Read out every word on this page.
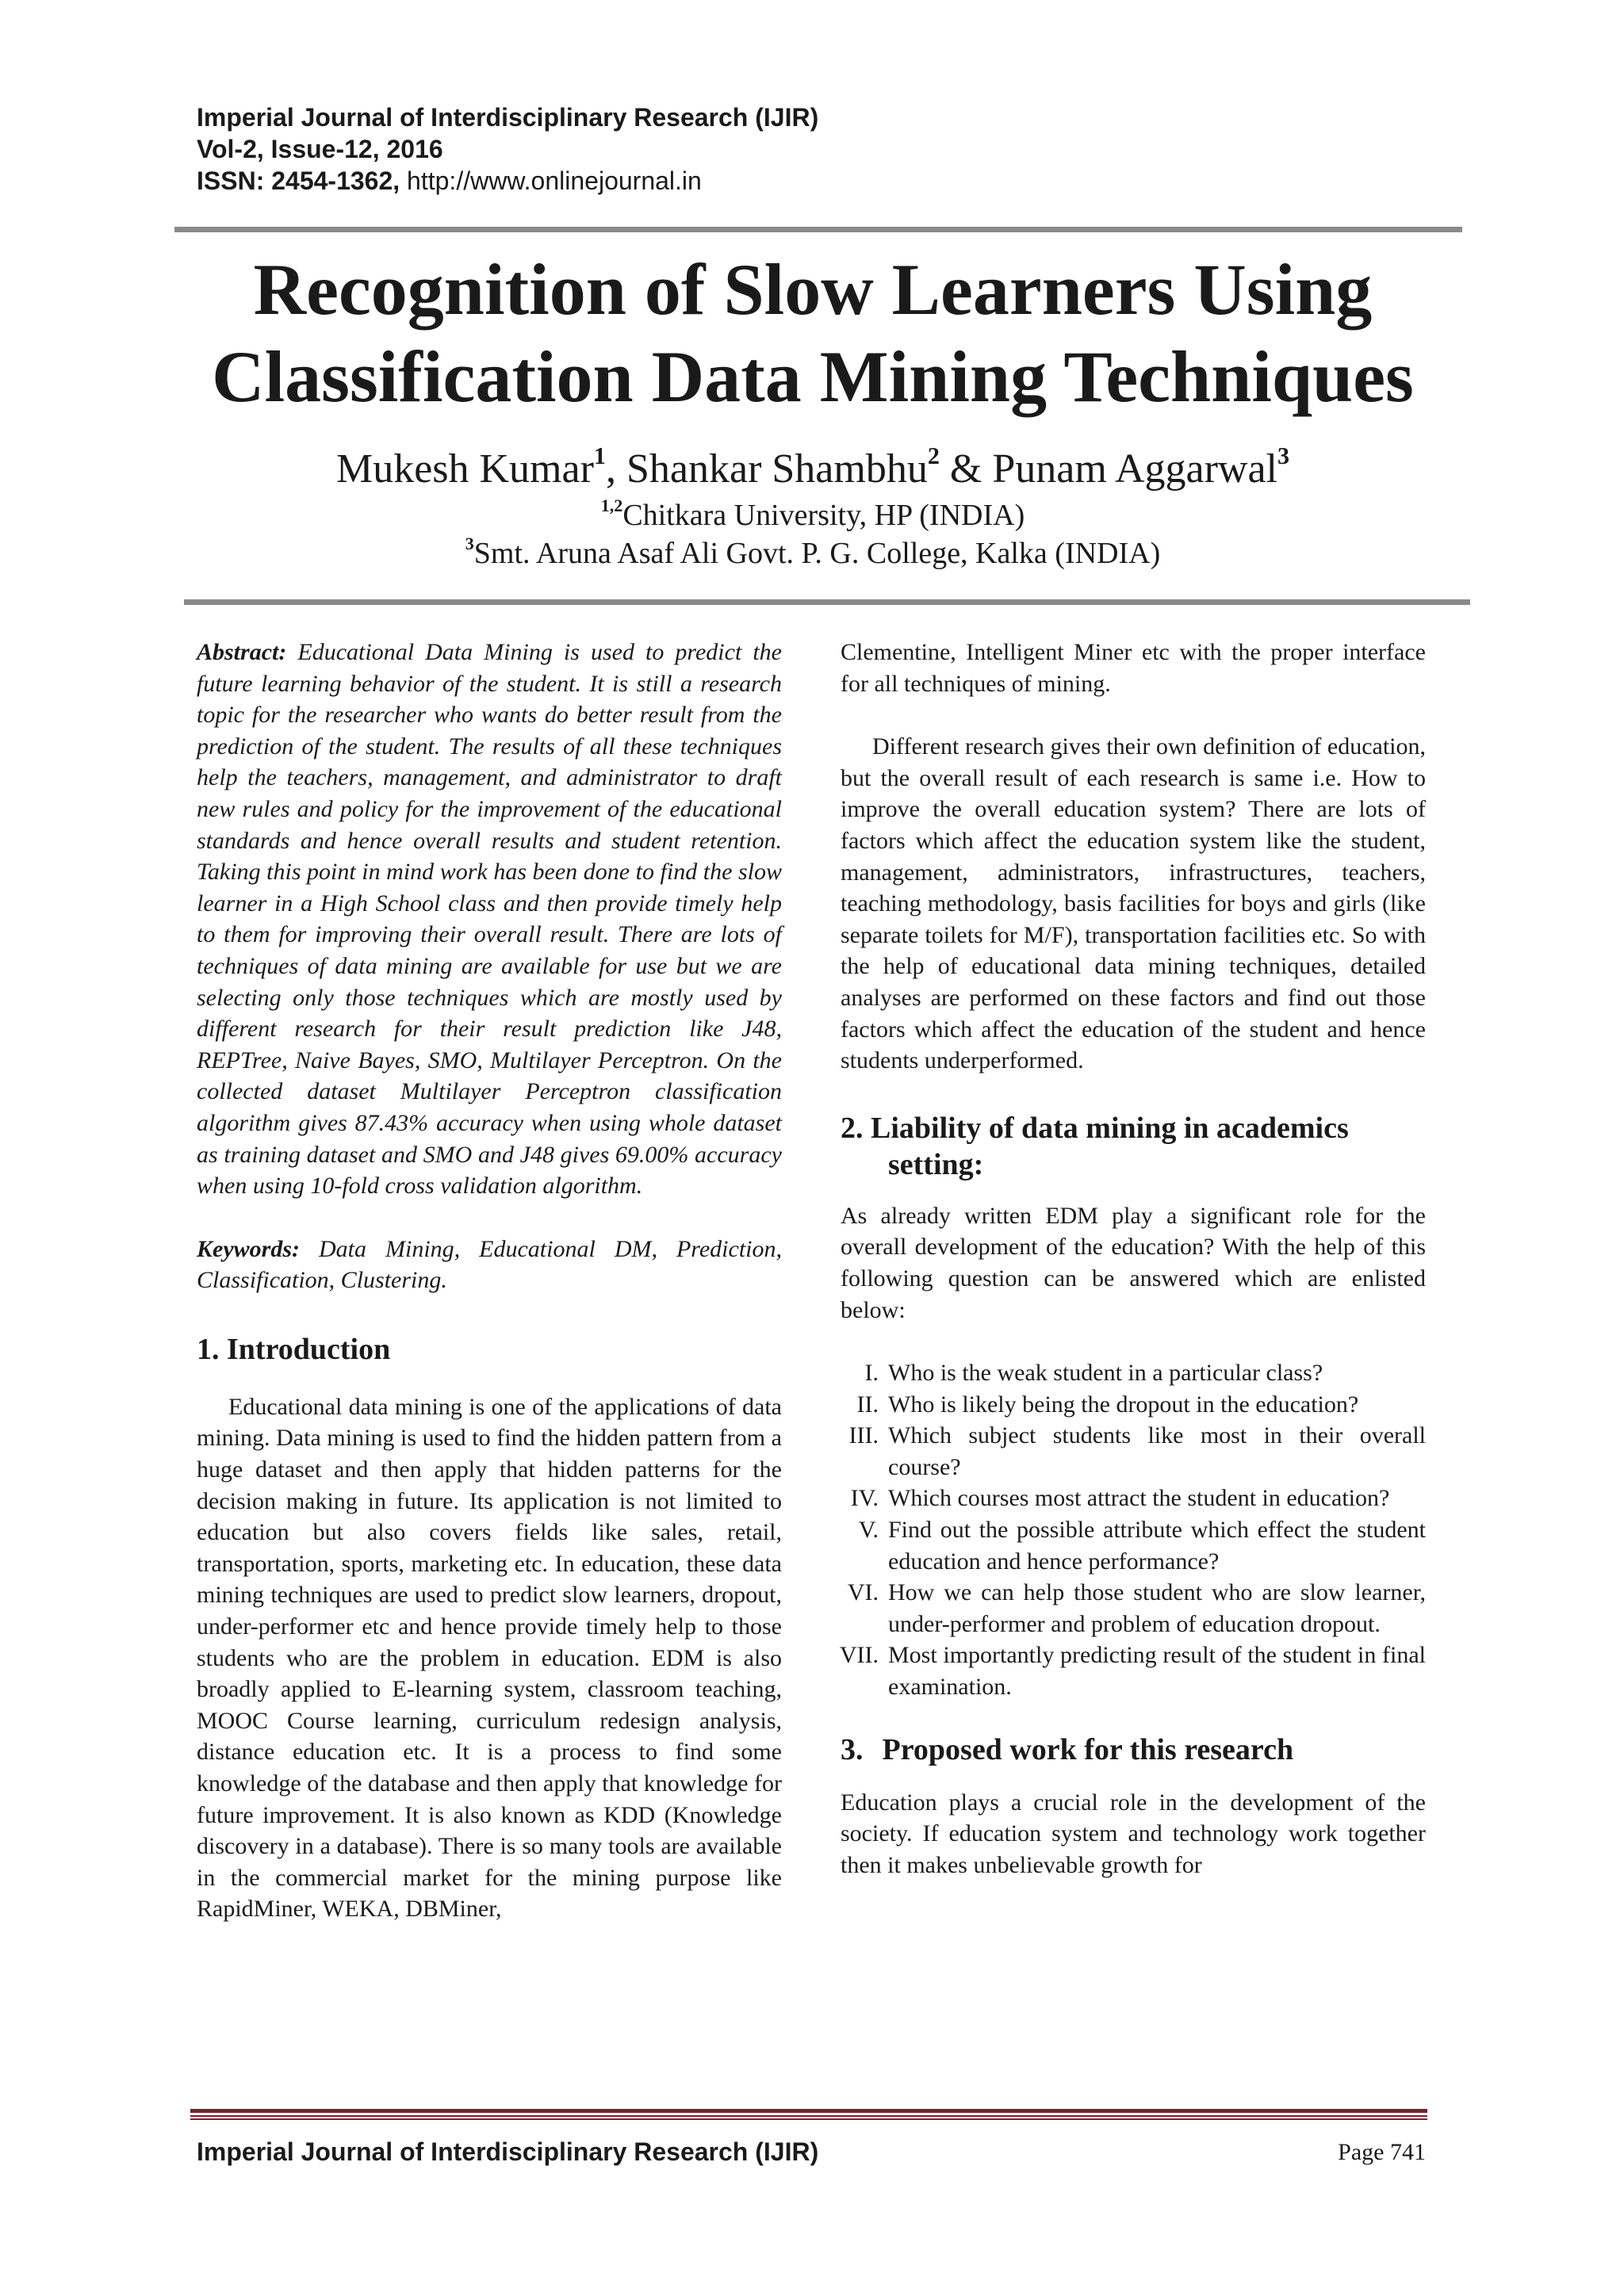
Imperial Journal of Interdisciplinary Research (IJIR)
Vol-2, Issue-12, 2016
ISSN: 2454-1362, http://www.onlinejournal.in
Recognition of Slow Learners Using
Classification Data Mining Techniques
Mukesh Kumar$^1$, Shankar Shambhu$^2$ & Punam Aggarwal$^3$
$^{1,2}$Chitkara University, HP (INDIA)
$^3$Smt. Aruna Asaf Ali Govt. P. G. College, Kalka (INDIA)

Abstract: Educational Data Mining is used to predict the future learning behavior of the student. It is still a research topic for the researcher who wants do better result from the prediction of the student. The results of all these techniques help the teachers, management, and administrator to draft new rules and policy for the improvement of the educational standards and hence overall results and student retention. Taking this point in mind work has been done to find the slow learner in a High School class and then provide timely help to them for improving their overall result. There are lots of techniques of data mining are available for use but we are selecting only those techniques which are mostly used by different research for their result prediction like J48, REPTree, Naive Bayes, SMO, Multilayer Perceptron. On the collected dataset Multilayer Perceptron classification algorithm gives 87.43% accuracy when using whole dataset as training dataset and SMO and J48 gives 69.00% accuracy when using 10-fold cross validation algorithm.

Keywords: Data Mining, Educational DM, Prediction, Classification, Clustering.

1. Introduction

Educational data mining is one of the applications of data mining. Data mining is used to find the hidden pattern from a huge dataset and then apply that hidden patterns for the decision making in future. Its application is not limited to education but also covers fields like sales, retail, transportation, sports, marketing etc. In education, these data mining techniques are used to predict slow learners, dropout, under-performer etc and hence provide timely help to those students who are the problem in education. EDM is also broadly applied to E-learning system, classroom teaching, MOOC Course learning, curriculum redesign analysis, distance education etc. It is a process to find some knowledge of the database and then apply that knowledge for future improvement. It is also known as KDD (Knowledge discovery in a database). There is so many tools are available in the commercial market for the mining purpose like RapidMiner, WEKA, DBMiner,

Clementine, Intelligent Miner etc with the proper interface for all techniques of mining.

Different research gives their own definition of education, but the overall result of each research is same i.e. How to improve the overall education system? There are lots of factors which affect the education system like the student, management, administrators, infrastructures, teachers, teaching methodology, basis facilities for boys and girls (like separate toilets for M/F), transportation facilities etc. So with the help of educational data mining techniques, detailed analyses are performed on these factors and find out those factors which affect the education of the student and hence students underperformed.

2. Liability of data mining in academics
setting:

As already written EDM play a significant role for the overall development of the education? With the help of this following question can be answered which are enlisted below:

I. Who is the weak student in a particular class?
II. Who is likely being the dropout in the education?
III. Which subject students like most in their overall course?
IV. Which courses most attract the student in education?
V. Find out the possible attribute which effect the student education and hence performance?
VI. How we can help those student who are slow learner, under-performer and problem of education dropout.
VII. Most importantly predicting result of the student in final examination.
3. Proposed work for this research

Education plays a crucial role in the development of the society. If education system and technology work together then it makes unbelievable growth for

Imperial Journal of Interdisciplinary Research (IJIR)	Page 741
